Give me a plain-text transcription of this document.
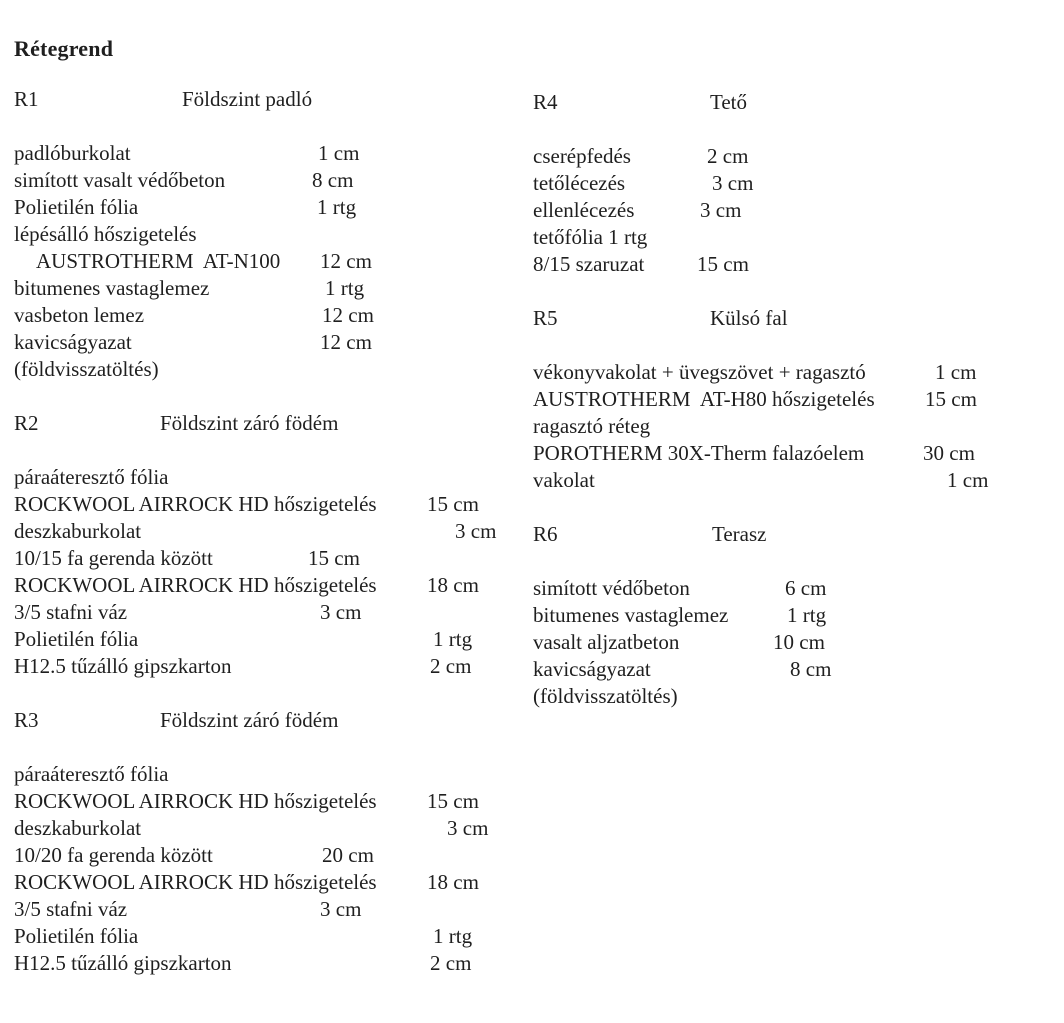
Rétegrend
R1	Földszint padló
padlóburkolat	1 cm
simított vasalt védőbeton	8 cm
Polietilén fólia	1 rtg
lépésálló hőszigetelés
AUSTROTHERM  AT-N100 12 cm
bitumenes vastaglemez	1 rtg
vasbeton lemez	12 cm
kavicságyazat	12 cm
(földvisszatöltés)
R2	Földszint záró födém
páraáteresztő fólia
ROCKWOOL AIRROCK HD hőszigetelés 15 cm
deszkaburkolat	3 cm
10/15 fa gerenda között	15 cm
ROCKWOOL AIRROCK HD hőszigetelés 18 cm
3/5 stafni váz	3 cm
Polietilén fólia	1 rtg
H12.5 tűzálló gipszkarton	2 cm
R3	Földszint záró födém
páraáteresztő fólia
ROCKWOOL AIRROCK HD hőszigetelés 15 cm
deszkaburkolat	3 cm
10/20 fa gerenda között	20 cm
ROCKWOOL AIRROCK HD hőszigetelés 18 cm
3/5 stafni váz	3 cm
Polietilén fólia	1 rtg
H12.5 tűzálló gipszkarton	2 cm
R4	Tető
cserépfedés	2 cm
tetőlécezés	3 cm
ellenlécezés	3 cm
tetőfólia 1 rtg
8/15 szaruzat	15 cm
R5	Külsó fal
vékonyvakolat + üvegszövet + ragasztó	1 cm
AUSTROTHERM  AT-H80 hőszigetelés 15 cm
ragasztó réteg
POROTHERM 30X-Therm falazóelem	30 cm
vakolat	1 cm
R6	Terasz
simított védőbeton	6 cm
bitumenes vastaglemez	1 rtg
vasalt aljzatbeton	10 cm
kavicságyazat	8 cm
(földvisszatöltés)
